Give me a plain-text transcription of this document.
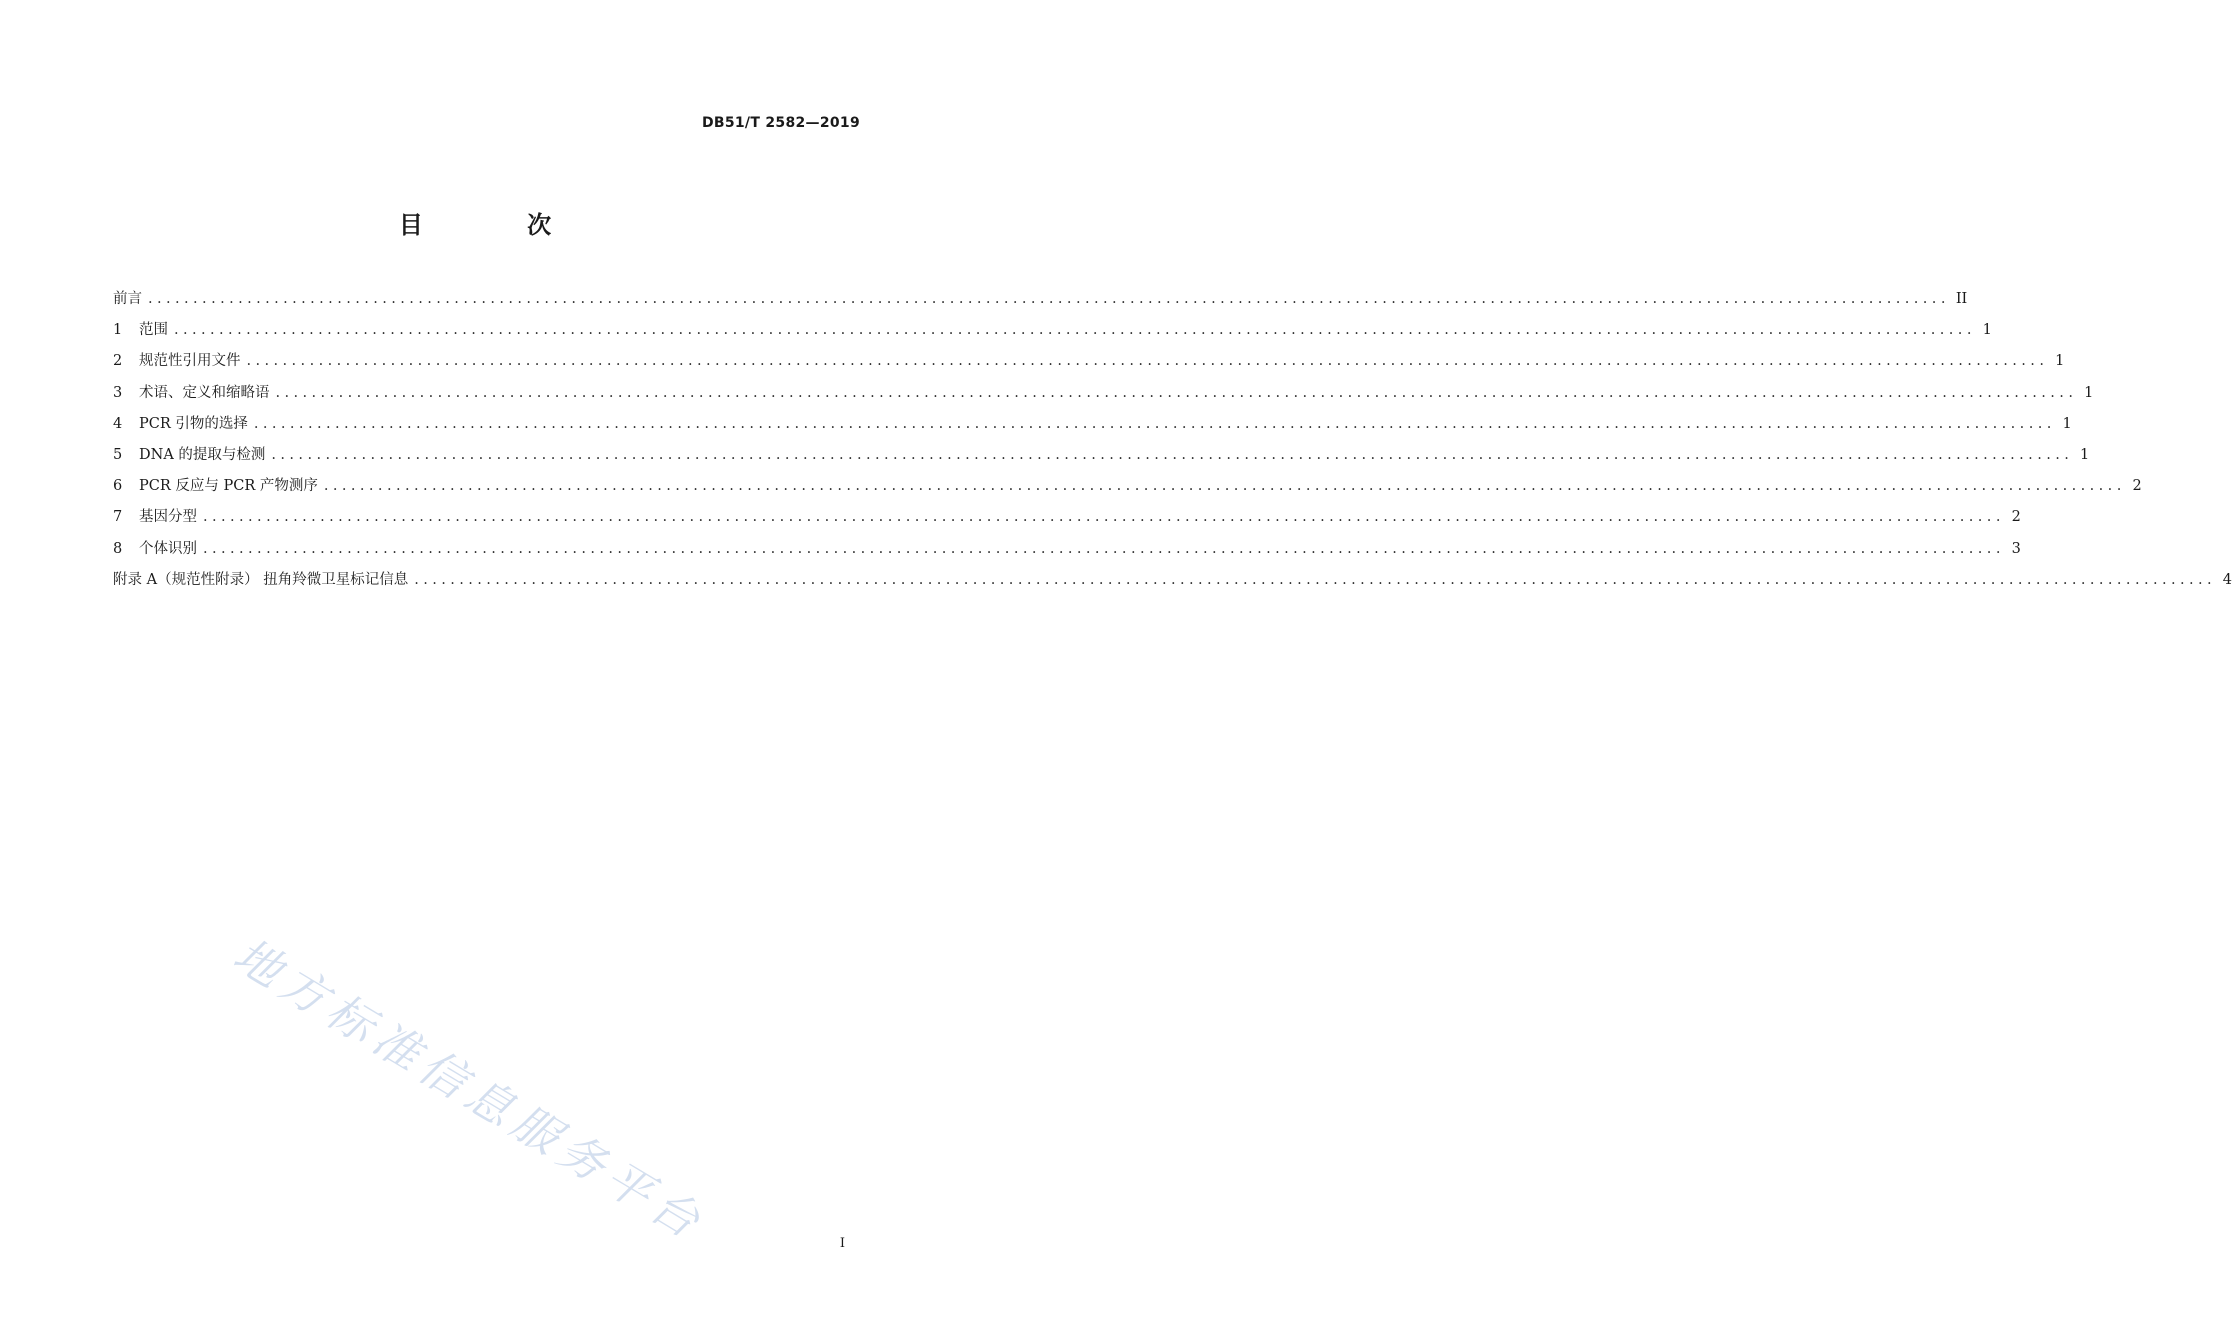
DB51/T 2582—2019
目 次
前言 ........................................................................................................................................................................................................ II
1	范围 ........................................................................................................................................................................................................ 1
2	规范性引用文件 ........................................................................................................................................................................................................ 1
3	术语、定义和缩略语 ........................................................................................................................................................................................................ 1
4	PCR 引物的选择 ........................................................................................................................................................................................................ 1
5	DNA 的提取与检测 ........................................................................................................................................................................................................ 1
6	PCR 反应与 PCR 产物测序 ........................................................................................................................................................................................................ 2
7	基因分型 ........................................................................................................................................................................................................ 2
8	个体识别 ........................................................................................................................................................................................................ 3
附录 A（规范性附录） 扭角羚微卫星标记信息 ........................................................................................................................................................................................................ 4
地方标准信息服务平台	I
